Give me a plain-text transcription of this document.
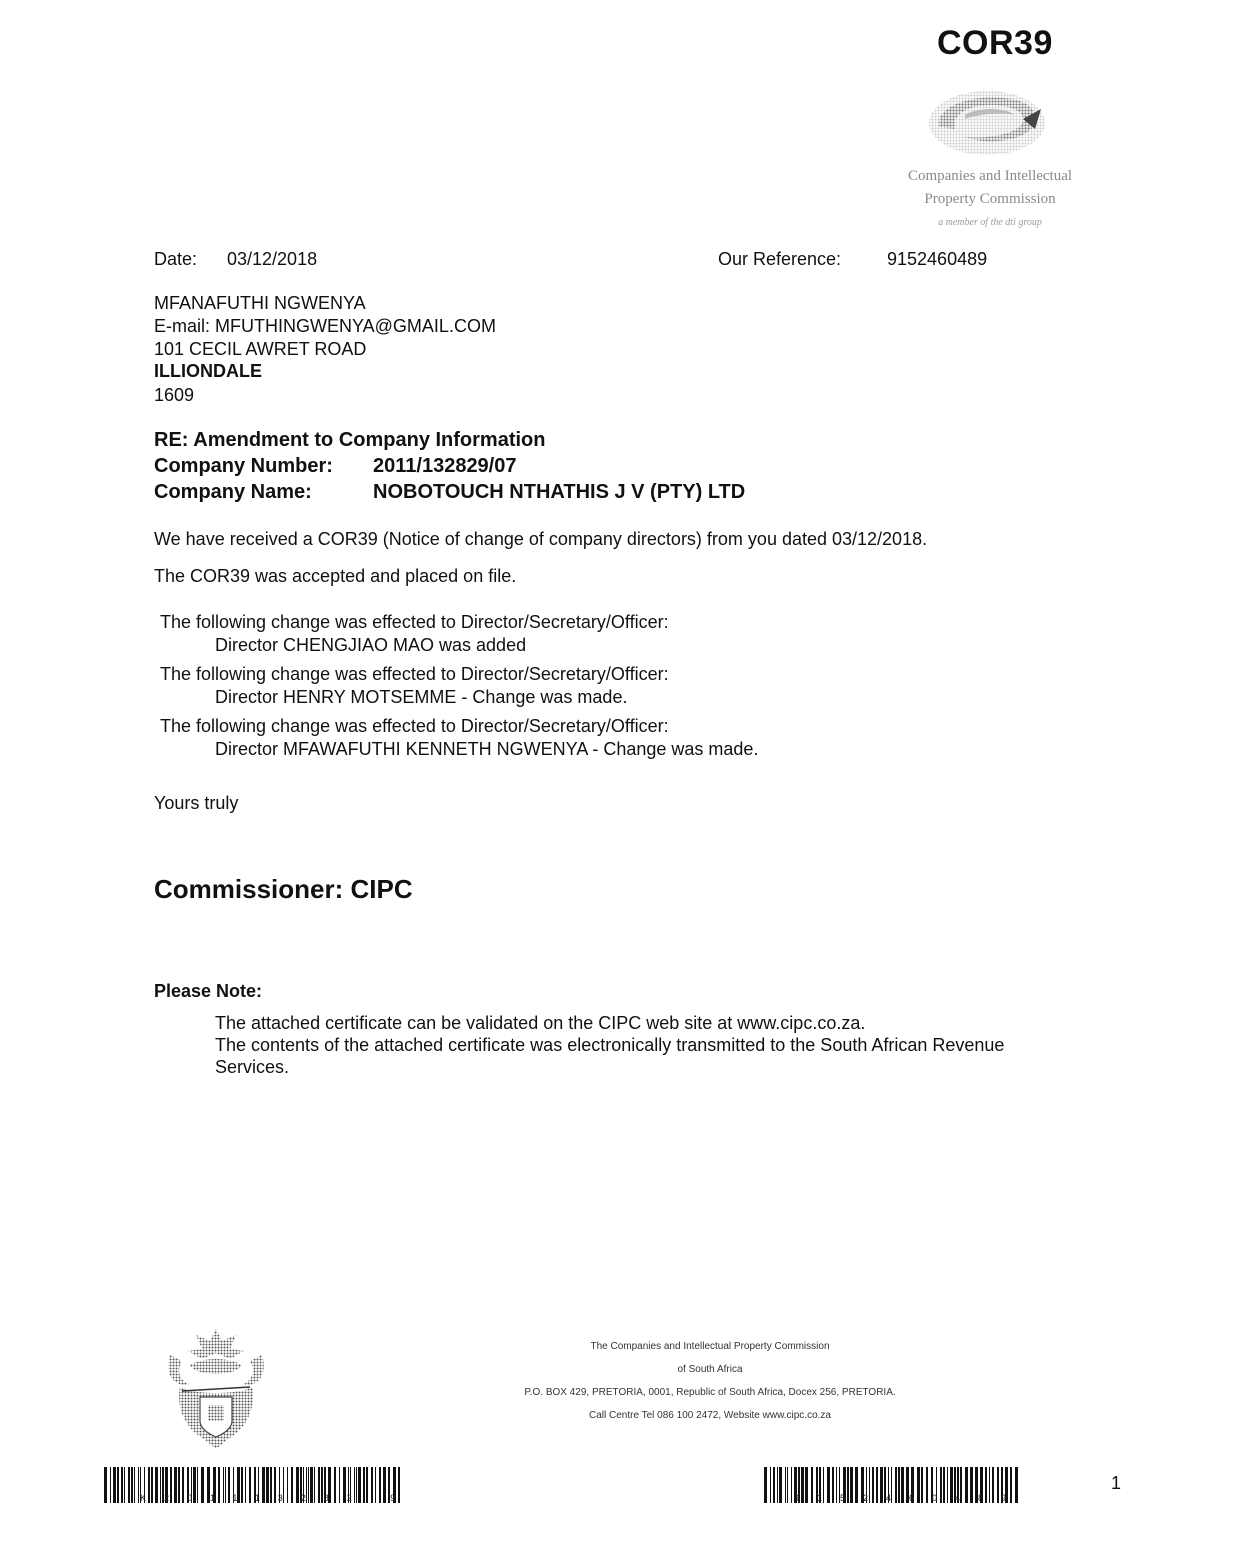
COR39
Companies and Intellectual
Property Commission
a member of the dti group
Date: 03/12/2018	Our Reference:	9152460489
MFANAFUTHI NGWENYA
E-mail: MFUTHINGWENYA@GMAIL.COM
101 CECIL AWRET ROAD
ILLIONDALE
1609
RE: Amendment to Company Information
Company Number: 2011/132829/07
Company Name:	NOBOTOUCH NTHATHIS J V (PTY) LTD
We have received a COR39 (Notice of change of company directors) from you dated 03/12/2018.
The COR39 was accepted and placed on file.
The following change was effected to Director/Secretary/Officer:
Director CHENGJIAO MAO was added
The following change was effected to Director/Secretary/Officer:
Director HENRY MOTSEMME - Change was made.
The following change was effected to Director/Secretary/Officer:
Director MFAWAFUTHI KENNETH NGWENYA - Change was made.
Yours truly
Commissioner: CIPC
Please Note:
The attached certificate can be validated on the CIPC web site at www.cipc.co.za.
The contents of the attached certificate was electronically transmitted to the South African Revenue
Services.
The Companies and Intellectual Property Commission
of South Africa
P.O. BOX 429, PRETORIA, 0001, Republic of South Africa, Docex 256, PRETORIA.
Call Centre Tel 086 100 2472, Website www.cipc.co.za
K201113282 9	9152460489
1
